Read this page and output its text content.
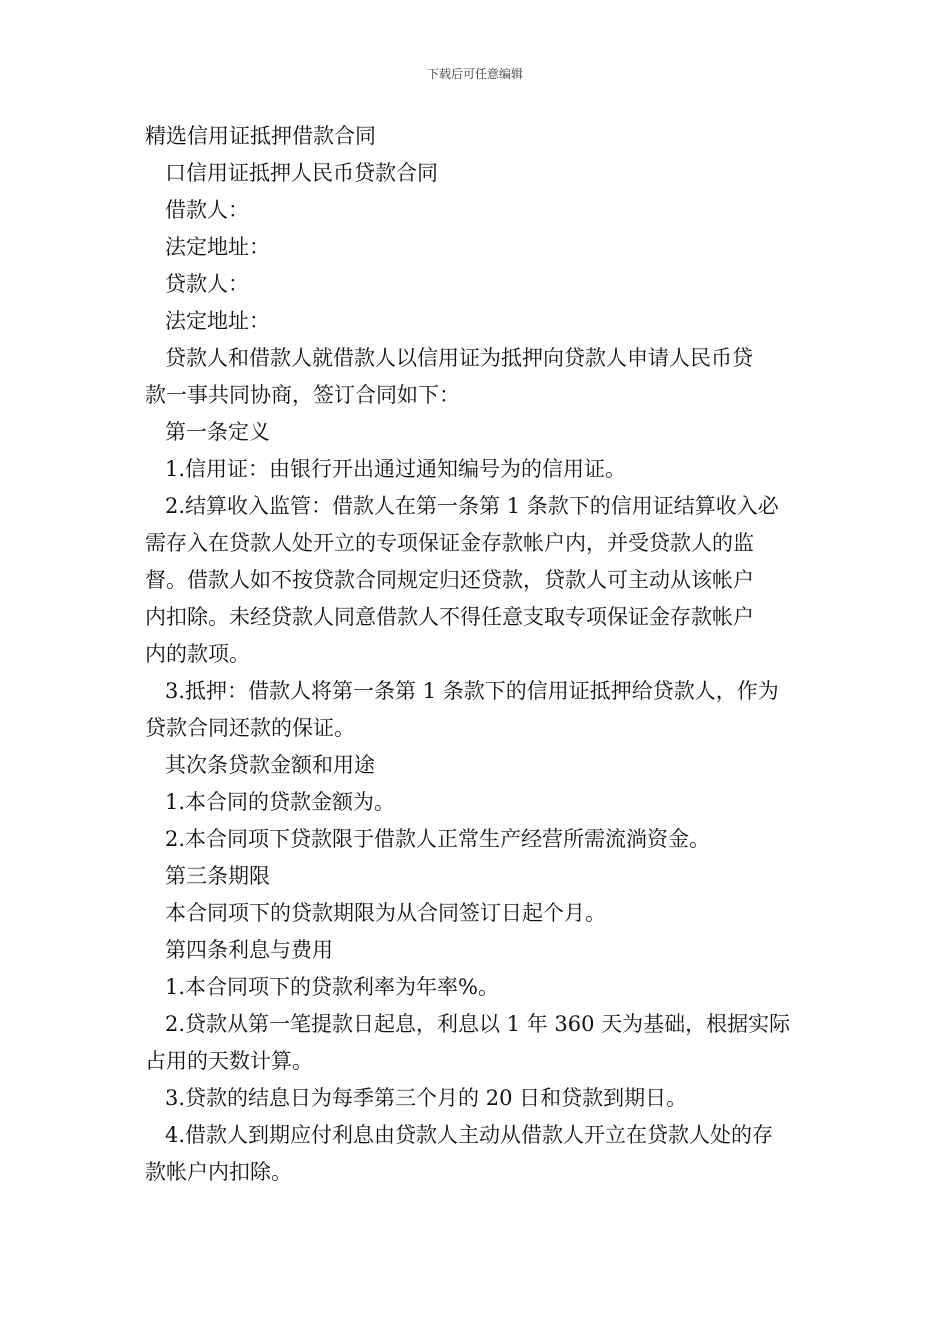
下载后可任意编辑
精选信用证抵押借款合同
口信用证抵押人民币贷款合同
借款人：
法定地址：
贷款人：
法定地址：
贷款人和借款人就借款人以信用证为抵押向贷款人申请人民币贷
款一事共同协商，签订合同如下：
第一条定义
1.信用证：由银行开出通过通知编号为的信用证。
2.结算收入监管：借款人在第一条第 1 条款下的信用证结算收入必
需存入在贷款人处开立的专项保证金存款帐户内，并受贷款人的监
督。借款人如不按贷款合同规定归还贷款，贷款人可主动从该帐户
内扣除。未经贷款人同意借款人不得任意支取专项保证金存款帐户
内的款项。
3.抵押：借款人将第一条第 1 条款下的信用证抵押给贷款人，作为
贷款合同还款的保证。
其次条贷款金额和用途
1.本合同的贷款金额为。
2.本合同项下贷款限于借款人正常生产经营所需流淌资金。
第三条期限
本合同项下的贷款期限为从合同签订日起个月。
第四条利息与费用
1.本合同项下的贷款利率为年率%。
2.贷款从第一笔提款日起息，利息以 1 年 360 天为基础，根据实际
占用的天数计算。
3.贷款的结息日为每季第三个月的 20 日和贷款到期日。
4.借款人到期应付利息由贷款人主动从借款人开立在贷款人处的存
款帐户内扣除。
